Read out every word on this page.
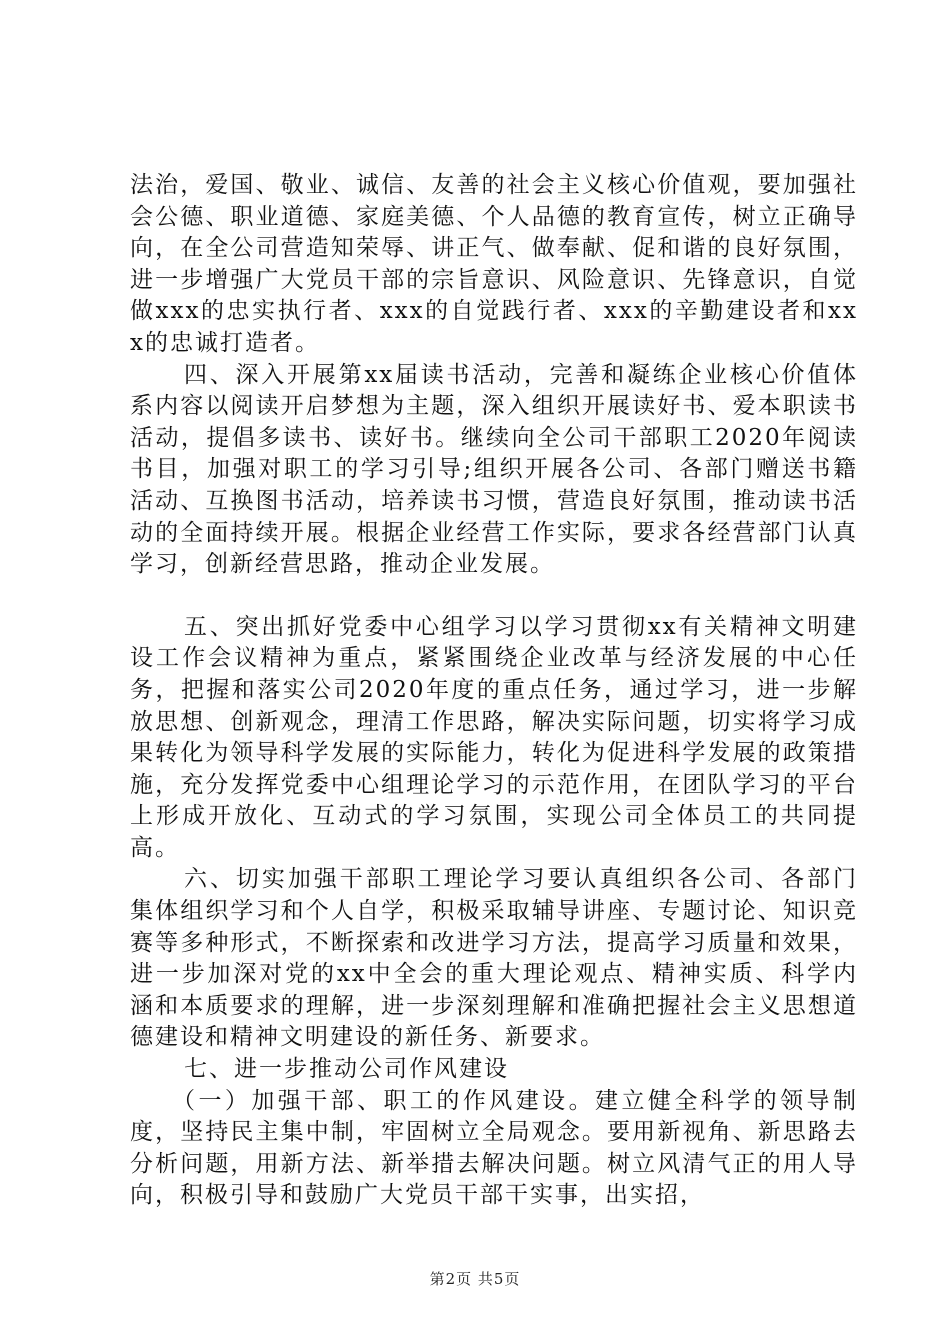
法治，爱国、敬业、诚信、友善的社会主义核心价值观，要加强社会公德、职业道德、家庭美德、个人品德的教育宣传，树立正确导向，在全公司营造知荣辱、讲正气、做奉献、促和谐的良好氛围，进一步增强广大党员干部的宗旨意识、风险意识、先锋意识，自觉做xxx的忠实执行者、xxx的自觉践行者、xxx的辛勤建设者和xxx的忠诚打造者。

四、深入开展第xx届读书活动，完善和凝练企业核心价值体系内容以阅读开启梦想为主题，深入组织开展读好书、爱本职读书活动，提倡多读书、读好书。继续向全公司干部职工2020年阅读书目，加强对职工的学习引导;组织开展各公司、各部门赠送书籍活动、互换图书活动，培养读书习惯，营造良好氛围，推动读书活动的全面持续开展。根据企业经营工作实际，要求各经营部门认真学习，创新经营思路，推动企业发展。

五、突出抓好党委中心组学习以学习贯彻xx有关精神文明建设工作会议精神为重点，紧紧围绕企业改革与经济发展的中心任务，把握和落实公司2020年度的重点任务，通过学习，进一步解放思想、创新观念，理清工作思路，解决实际问题，切实将学习成果转化为领导科学发展的实际能力，转化为促进科学发展的政策措施，充分发挥党委中心组理论学习的示范作用，在团队学习的平台上形成开放化、互动式的学习氛围，实现公司全体员工的共同提高。

六、切实加强干部职工理论学习要认真组织各公司、各部门集体组织学习和个人自学，积极采取辅导讲座、专题讨论、知识竞赛等多种形式，不断探索和改进学习方法，提高学习质量和效果，进一步加深对党的xx中全会的重大理论观点、精神实质、科学内涵和本质要求的理解，进一步深刻理解和准确把握社会主义思想道德建设和精神文明建设的新任务、新要求。

七、进一步推动公司作风建设

（一）加强干部、职工的作风建设。建立健全科学的领导制度，坚持民主集中制，牢固树立全局观念。要用新视角、新思路去分析问题，用新方法、新举措去解决问题。树立风清气正的用人导向，积极引导和鼓励广大党员干部干实事，出实招，

第2页 共5页
